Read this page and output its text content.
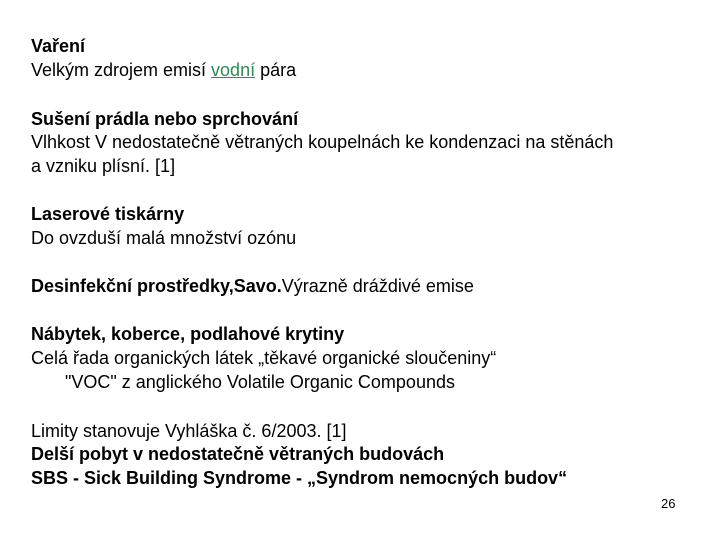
Vaření
Velkým zdrojem emisí vodní pára
Sušení prádla nebo sprchování
Vlhkost V nedostatečně větraných koupelnách ke kondenzaci na stěnách
a vzniku plísní. [1]
Laserové tiskárny
Do ovzduší malá množství ozónu
Desinfekční prostředky,Savo.Výrazně dráždivé emise
Nábytek, koberce, podlahové krytiny
Celá řada organických látek „těkavé organické sloučeniny“
"VOC" z anglického Volatile Organic Compounds
Limity stanovuje Vyhláška č. 6/2003. [1]
Delší pobyt v nedostatečně větraných budovách
SBS - Sick Building Syndrome - „Syndrom nemocných budov“
26
